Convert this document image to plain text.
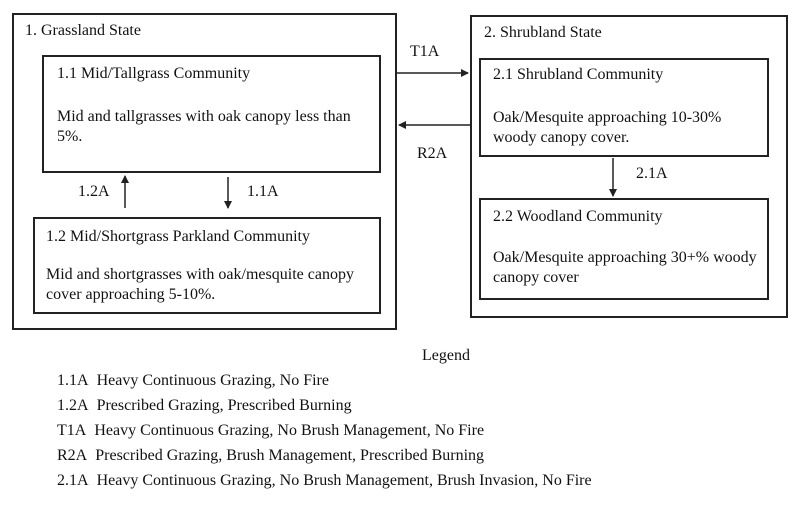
1. Grassland State
1.1 Mid/Tallgrass Community
Mid and tallgrasses with oak canopy less than 5%.
1.2 Mid/Shortgrass Parkland Community
Mid and shortgrasses with oak/mesquite canopy cover approaching 5-10%.
1.2A	1.1A
2. Shrubland State
2.1 Shrubland Community
Oak/Mesquite approaching 10-30% woody canopy cover.
2.2 Woodland Community
Oak/Mesquite approaching 30+% woody canopy cover
2.1A
T1A
R2A
Legend
1.1A Heavy Continuous Grazing, No Fire
1.2A Prescribed Grazing, Prescribed Burning
T1A Heavy Continuous Grazing, No Brush Management, No Fire
R2A Prescribed Grazing, Brush Management, Prescribed Burning
2.1A Heavy Continuous Grazing, No Brush Management, Brush Invasion, No Fire
